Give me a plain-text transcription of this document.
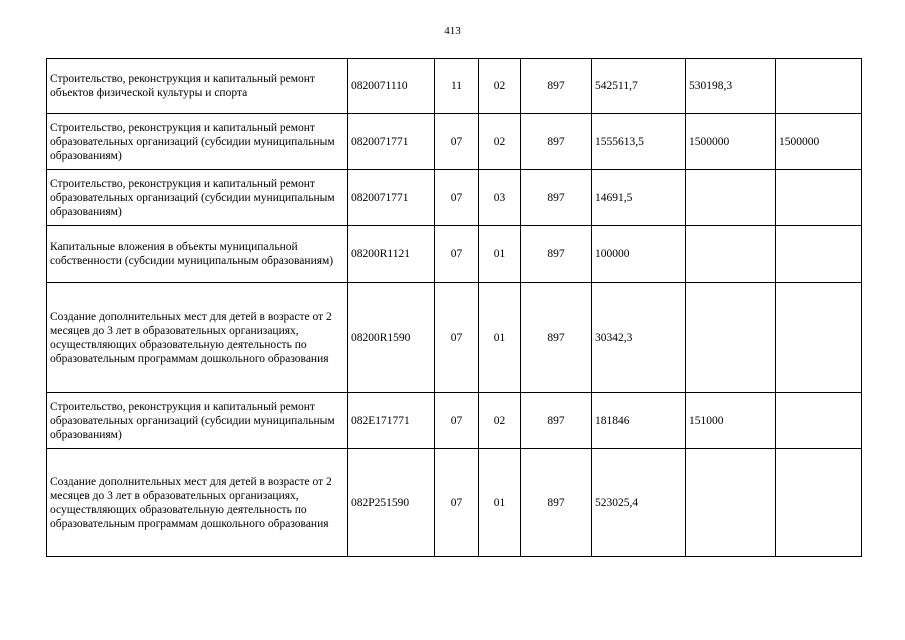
413
Строительство, реконструкция и капитальный ремонт объектов физической культуры и спорта	0820071110	11	02	897	542511,7	530198,3	
Строительство, реконструкция и капитальный ремонт образовательных организаций (субсидии муниципальным образованиям)	0820071771	07	02	897	1555613,5	1500000	1500000
Строительство, реконструкция и капитальный ремонт образовательных организаций (субсидии муниципальным образованиям)	0820071771	07	03	897	14691,5		
Капитальные вложения в объекты муниципальной собственности (субсидии муниципальным образованиям)	08200R1121	07	01	897	100000		
Создание дополнительных мест для детей в возрасте от 2 месяцев до 3 лет в образовательных организациях, осуществляющих образовательную деятельность по образовательным программам дошкольного образования	08200R1590	07	01	897	30342,3		
Строительство, реконструкция и капитальный ремонт образовательных организаций (субсидии муниципальным образованиям)	082E171771	07	02	897	181846	151000	
Создание дополнительных мест для детей в возрасте от 2 месяцев до 3 лет в образовательных организациях, осуществляющих образовательную деятельность по образовательным программам дошкольного образования	082P251590	07	01	897	523025,4		
